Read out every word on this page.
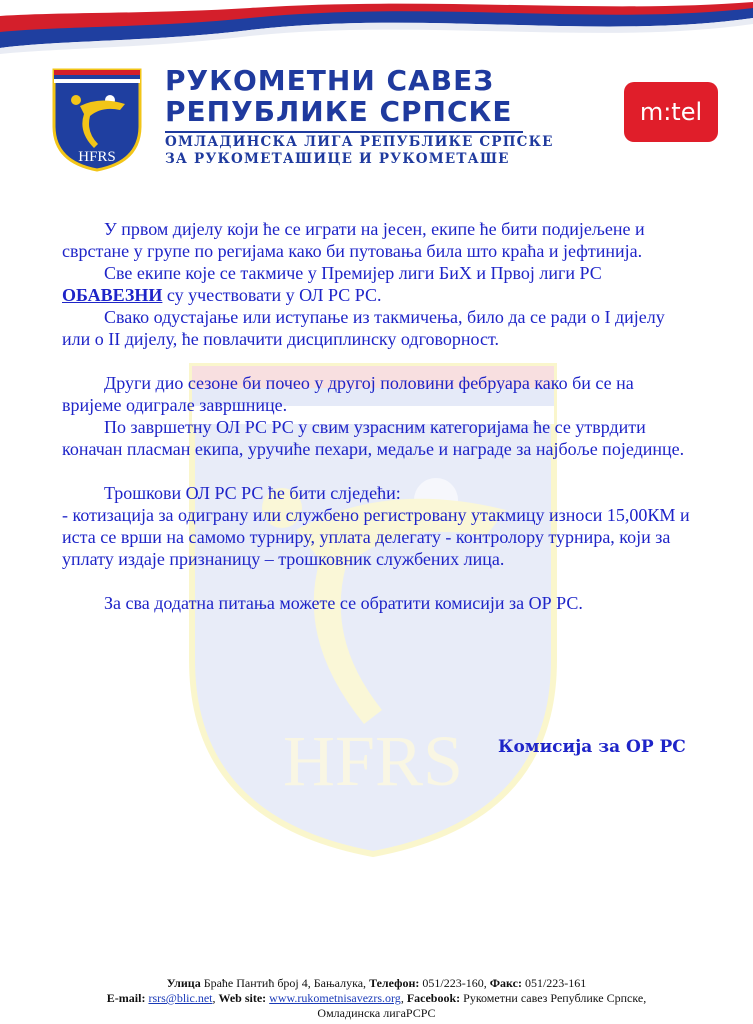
HFRS
РУКОМЕТНИ САВЕЗ
РЕПУБЛИКЕ СРПСКЕ
ОМЛАДИНСКА ЛИГА РЕПУБЛИКЕ СРПСКЕ
ЗА РУКОМЕТАШИЦЕ И РУКОМЕТАШЕ
m:tel
HFRS

У првом дијелу који ће се играти на јесен, екипе ће бити подијељене и сврстане у групе по регијама како би путовања била што краћа и јефтинија.

Све екипе које се такмиче у Премијер лиги БиХ и Првој лиги РС ОБАВЕЗНИ су учествовати у ОЛ РС РС.

Свако одустајање или иступање из такмичења, било да се ради о I дијелу или о II дијелу, ће повлачити дисциплинску одговорност.

Други дио сезоне би почео у другој половини фебруара како би се на вријеме одиграле завршнице.

По завршетну ОЛ РС РС у свим узрасним категоријама ће се утврдити коначан пласман екипа, уручиће пехари, медаље и награде за најбоље појединце.

Трошкови ОЛ РС РС ће бити слједећи:

- котизација за одиграну или службено регистровану утакмицу износи 15,00КМ и иста се врши на самомо турниру, уплата делегату - контролору турнира, који за уплату издаје признаницу – трошковник службених лица.

За сва додатна питања можете се обратити комисији за ОР РС.

Комисија за ОР РС
Улица Браће Пантић број 4, Бањалука, Телефон: 051/223-160, Факс: 051/223-161
E-mail: rsrs@blic.net, Web site: www.rukometnisavezrs.org, Facebook: Рукометни савез Републике Српске,
Омладинска лигаРСРС
